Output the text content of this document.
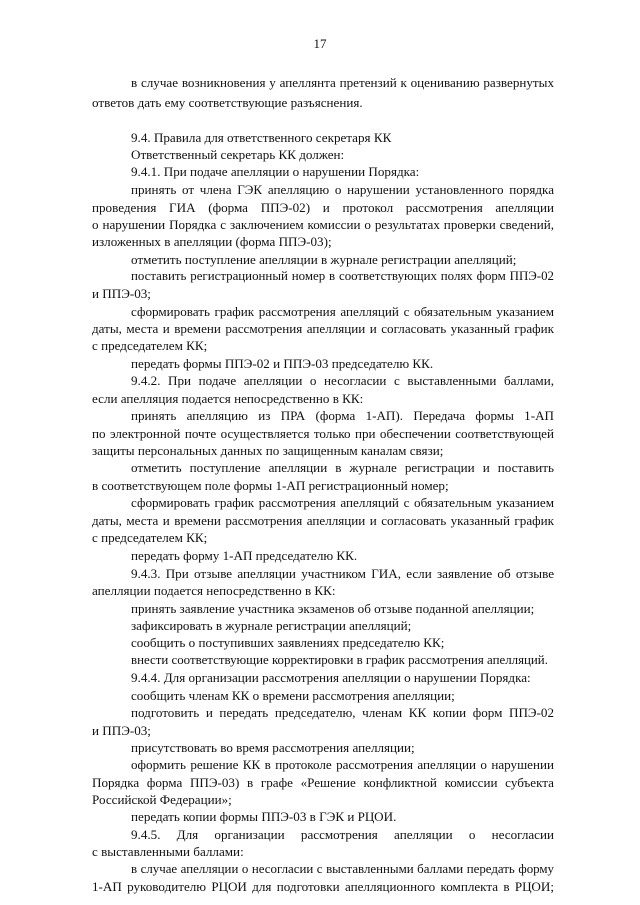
17
в случае возникновения у апеллянта претензий к оцениванию развернутых
ответов дать ему соответствующие разъяснения.
9.4. Правила для ответственного секретаря КК
Ответственный секретарь КК должен:
9.4.1. При подаче апелляции о нарушении Порядка:
принять от члена ГЭК апелляцию о нарушении установленного порядка
проведения ГИА (форма ППЭ-02) и протокол рассмотрения апелляции
о нарушении Порядка с заключением комиссии о результатах проверки сведений,
изложенных в апелляции (форма ППЭ-03);
отметить поступление апелляции в журнале регистрации апелляций;
поставить регистрационный номер в соответствующих полях форм ППЭ-02
и ППЭ-03;
сформировать график рассмотрения апелляций с обязательным указанием
даты, места и времени рассмотрения апелляции и согласовать указанный график
с председателем КК;
передать формы ППЭ-02 и ППЭ-03 председателю КК.
9.4.2. При подаче апелляции о несогласии с выставленными баллами,
если апелляция подается непосредственно в КК:
принять апелляцию из ПРА (форма 1-АП). Передача формы 1-АП
по электронной почте осуществляется только при обеспечении соответствующей
защиты персональных данных по защищенным каналам связи;
отметить поступление апелляции в журнале регистрации и поставить
в соответствующем поле формы 1-АП регистрационный номер;
сформировать график рассмотрения апелляций с обязательным указанием
даты, места и времени рассмотрения апелляции и согласовать указанный график
с председателем КК;
передать форму 1-АП председателю КК.
9.4.3. При отзыве апелляции участником ГИА, если заявление об отзыве
апелляции подается непосредственно в КК:
принять заявление участника экзаменов об отзыве поданной апелляции;
зафиксировать в журнале регистрации апелляций;
сообщить о поступивших заявлениях председателю КК;
внести соответствующие корректировки в график рассмотрения апелляций.
9.4.4. Для организации рассмотрения апелляции о нарушении Порядка:
сообщить членам КК о времени рассмотрения апелляции;
подготовить и передать председателю, членам КК копии форм ППЭ-02
и ППЭ-03;
присутствовать во время рассмотрения апелляции;
оформить решение КК в протоколе рассмотрения апелляции о нарушении
Порядка форма ППЭ-03) в графе «Решение конфликтной комиссии субъекта
Российской Федерации»;
передать копии формы ППЭ-03 в ГЭК и РЦОИ.
9.4.5. Для организации рассмотрения апелляции о несогласии
с выставленными баллами:
в случае апелляции о несогласии с выставленными баллами передать форму
1-АП руководителю РЦОИ для подготовки апелляционного комплекта в РЦОИ;
